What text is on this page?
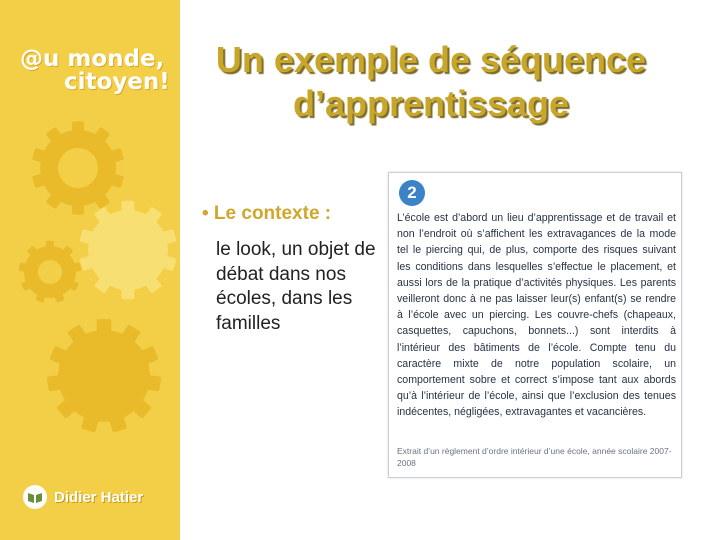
@u monde,
citoyen!
Didier Hatier
Un exemple de séquence
d’apprentissage
• Le contexte :
le look, un objet de débat dans nos écoles, dans les familles
2
L’école est d’abord un lieu d’apprentissage et de travail et non l’endroit où s’affichent les extravagances de la mode tel le piercing qui, de plus, comporte des risques suivant les conditions dans lesquelles s’effectue le placement, et aussi lors de la pratique d’activités physiques. Les parents veilleront donc à ne pas laisser leur(s) enfant(s) se rendre à l’école avec un piercing. Les couvre-chefs (chapeaux, casquettes, capuchons, bonnets...) sont interdits à l’intérieur des bâtiments de l’école. Compte tenu du caractère mixte de notre population scolaire, un comportement sobre et correct s’impose tant aux abords qu’à l’intérieur de l’école, ainsi que l’exclusion des tenues indécentes, négligées, extravagantes et vacancières.
Extrait d’un règlement d’ordre intérieur d’une école, année scolaire 2007-2008
